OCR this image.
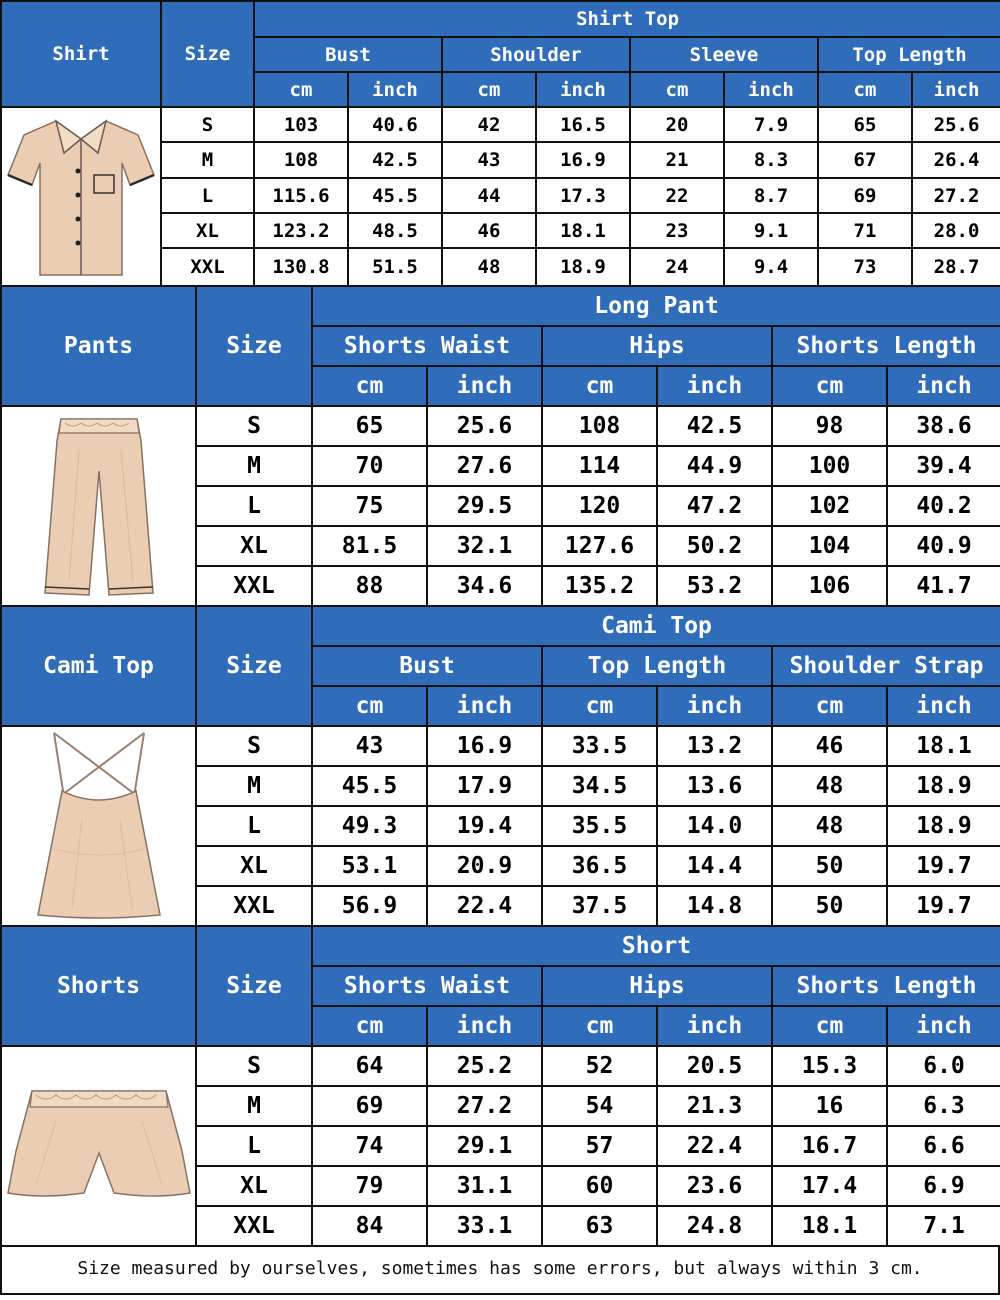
Shirt	Size	Shirt Top							
		Bust		Shoulder		Sleeve		Top Length	
		cm	inch	cm	inch	cm	inch	cm	inch

	S	103	40.6	42	16.5	20	7.9	65	25.6
	M	108	42.5	43	16.9	21	8.3	67	26.4
	L	115.6	45.5	44	17.3	22	8.7	69	27.2
	XL	123.2	48.5	46	18.1	23	9.1	71	28.0
	XXL	130.8	51.5	48	18.9	24	9.4	73	28.7
Pants	Size	Long Pant					
		Shorts Waist		Hips		Shorts Length	
		cm	inch	cm	inch	cm	inch

	S	65	25.6	108	42.5	98	38.6
	M	70	27.6	114	44.9	100	39.4
	L	75	29.5	120	47.2	102	40.2
	XL	81.5	32.1	127.6	50.2	104	40.9
	XXL	88	34.6	135.2	53.2	106	41.7
Cami Top	Size	Cami Top					
		Bust		Top Length		Shoulder Strap	
		cm	inch	cm	inch	cm	inch

	S	43	16.9	33.5	13.2	46	18.1
	M	45.5	17.9	34.5	13.6	48	18.9
	L	49.3	19.4	35.5	14.0	48	18.9
	XL	53.1	20.9	36.5	14.4	50	19.7
	XXL	56.9	22.4	37.5	14.8	50	19.7
Shorts	Size	Short					
		Shorts Waist		Hips		Shorts Length	
		cm	inch	cm	inch	cm	inch

	S	64	25.2	52	20.5	15.3	6.0
	M	69	27.2	54	21.3	16	6.3
	L	74	29.1	57	22.4	16.7	6.6
	XL	79	31.1	60	23.6	17.4	6.9
	XXL	84	33.1	63	24.8	18.1	7.1
Size measured by ourselves, sometimes has some errors, but always within 3 cm.
